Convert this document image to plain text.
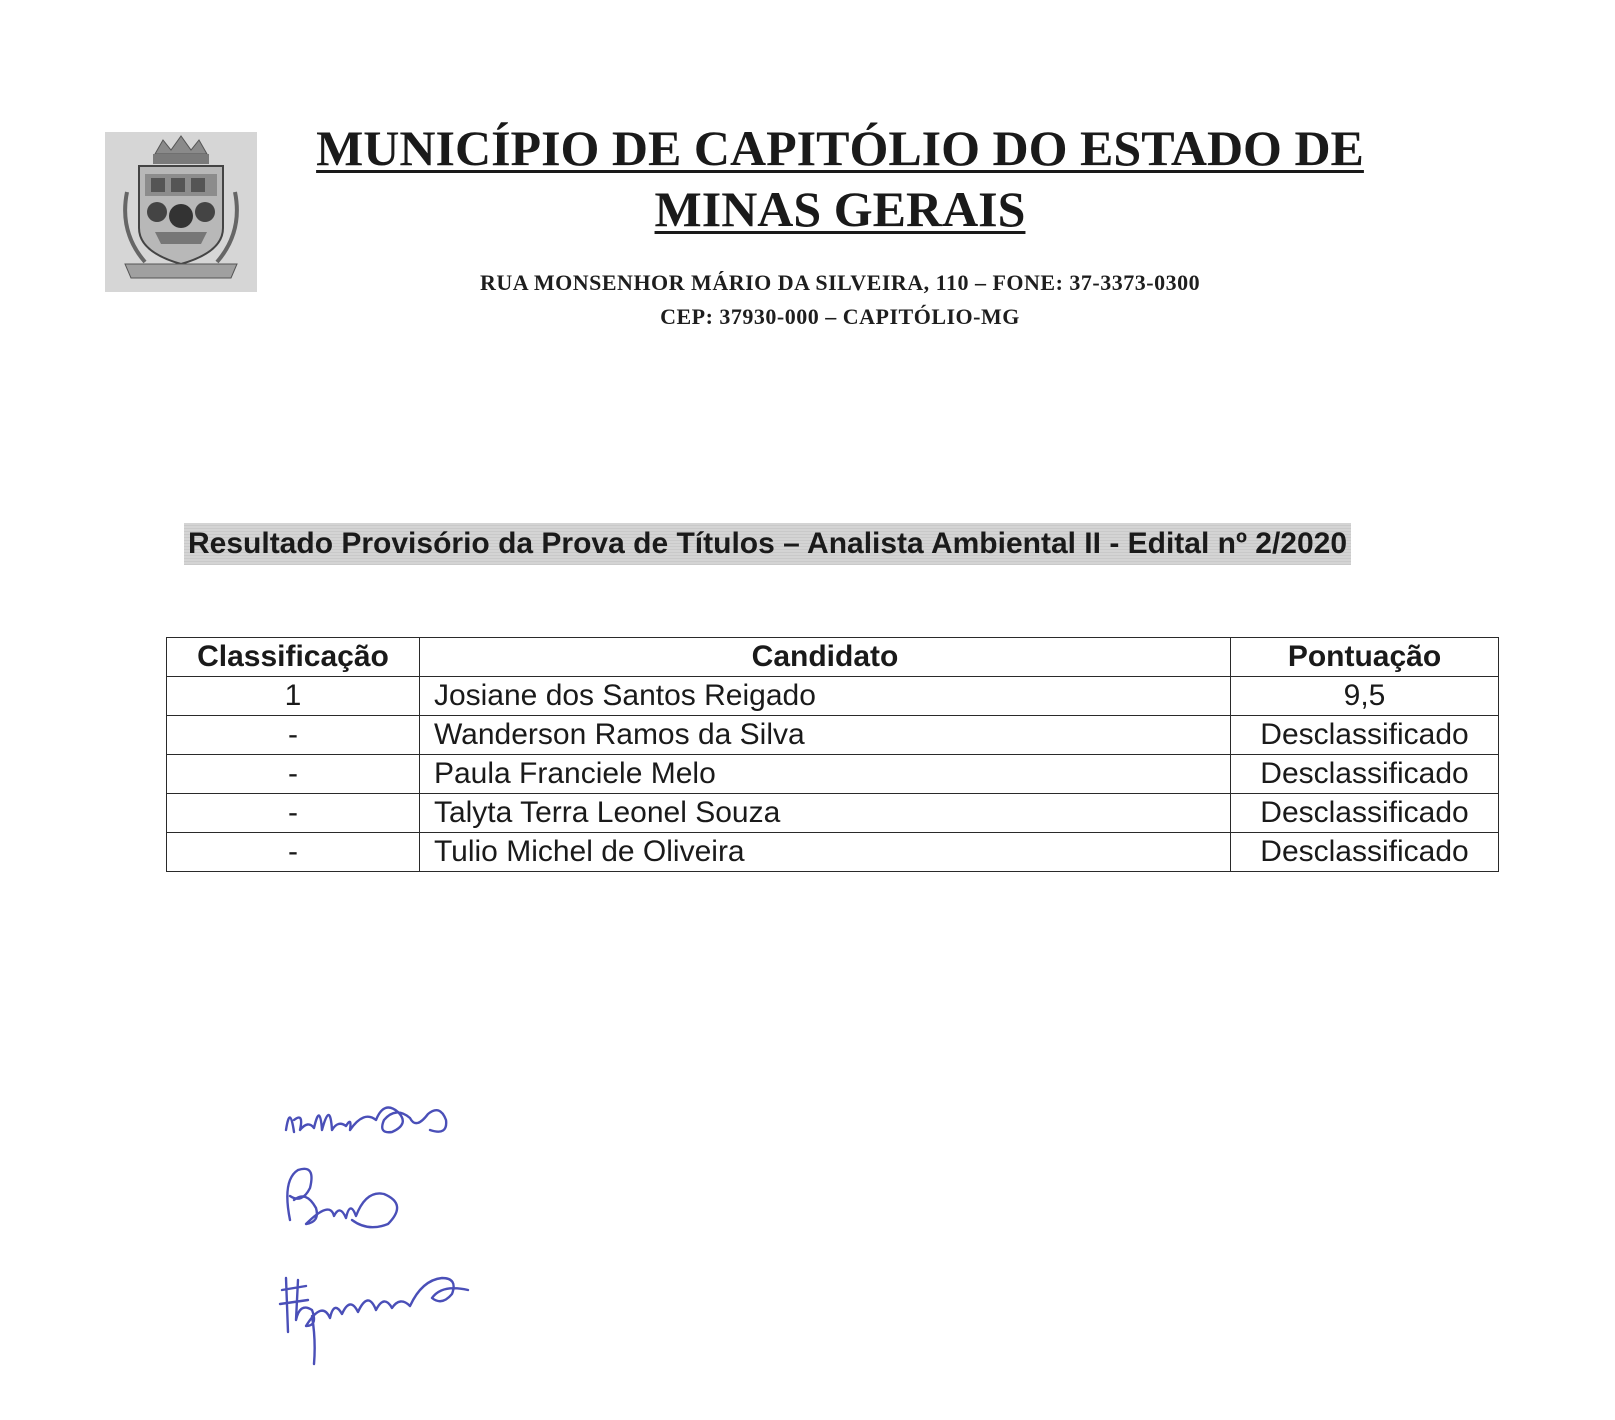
MUNICÍPIO DE CAPITÓLIO DO ESTADO DE
MINAS GERAIS
RUA MONSENHOR MÁRIO DA SILVEIRA, 110 – FONE: 37-3373-0300
CEP: 37930-000 – CAPITÓLIO-MG
Resultado Provisório da Prova de Títulos – Analista Ambiental II - Edital nº 2/2020
Classificação	Candidato	Pontuação
1	Josiane dos Santos Reigado	9,5
-	Wanderson Ramos da Silva	Desclassificado
-	Paula Franciele Melo	Desclassificado
-	Talyta Terra Leonel Souza	Desclassificado
-	Tulio Michel de Oliveira	Desclassificado
